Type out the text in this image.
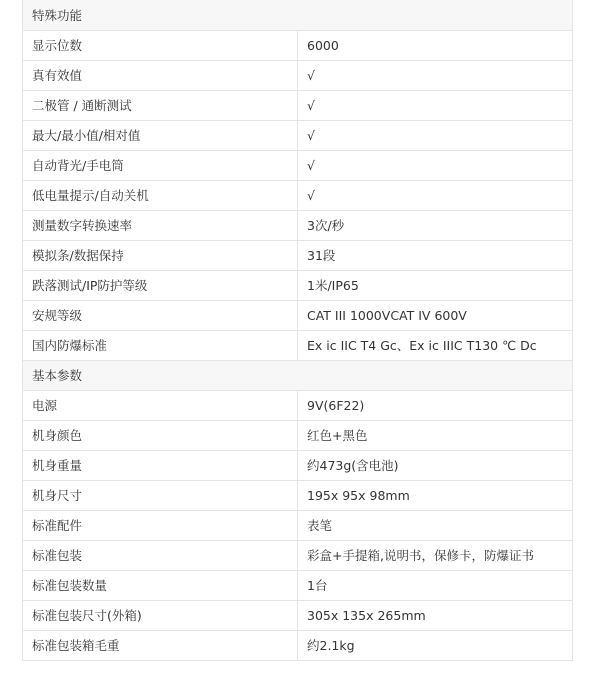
特殊功能	
显示位数	6000
真有效值	√
二极管 / 通断测试	√
最大/最小值/相对值	√
自动背光/手电筒	√
低电量提示/自动关机	√
测量数字转换速率	3次/秒
模拟条/数据保持	31段
跌落测试/IP防护等级	1米/IP65
安规等级	CAT III 1000VCAT IV 600V
国内防爆标准	Ex ic IIC T4 Gc、Ex ic IIIC T130 ℃ Dc
基本参数	
电源	9V(6F22)
机身颜色	红色+黑色
机身重量	约473g(含电池)
机身尺寸	195x 95x 98mm
标准配件	表笔
标准包装	彩盒+手提箱,说明书，保修卡，防爆证书
标准包装数量	1台
标准包装尺寸(外箱)	305x 135x 265mm
标准包装箱毛重	约2.1kg
